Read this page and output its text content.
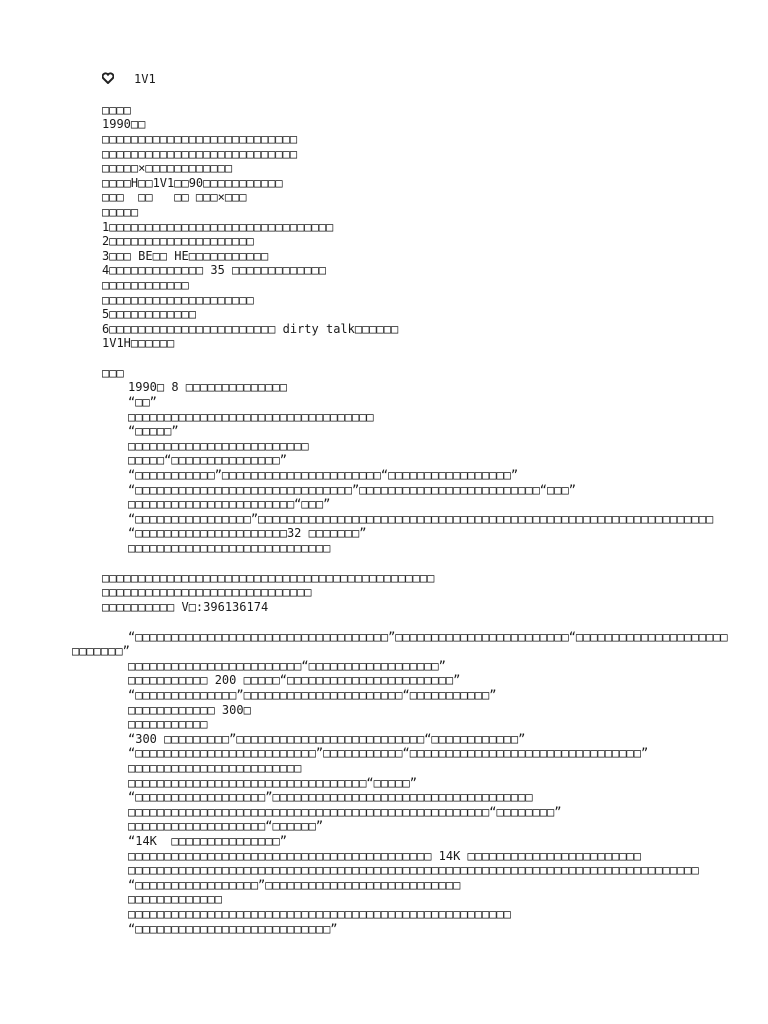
1V1
□□□□
1990□□
□□□□□□□□□□□□□□□□□□□□□□□□□□□
□□□□□□□□□□□□□□□□□□□□□□□□□□□
□□□□□×□□□□□□□□□□□□
□□□□H□□1V1□□90□□□□□□□□□□□
□□□  □□   □□ □□□×□□□
□□□□□
1□□□□□□□□□□□□□□□□□□□□□□□□□□□□□□□
2□□□□□□□□□□□□□□□□□□□□
3□□□ BE□□ HE□□□□□□□□□□□
4□□□□□□□□□□□□□ 35 □□□□□□□□□□□□□
□□□□□□□□□□□□
□□□□□□□□□□□□□□□□□□□□□
5□□□□□□□□□□□□
6□□□□□□□□□□□□□□□□□□□□□□□ dirty talk□□□□□□
1V1H□□□□□□
□□□
1990□ 8 □□□□□□□□□□□□□□
“□□”
□□□□□□□□□□□□□□□□□□□□□□□□□□□□□□□□□□
“□□□□□”
□□□□□□□□□□□□□□□□□□□□□□□□□
□□□□□“□□□□□□□□□□□□□□□”
“□□□□□□□□□□□”□□□□□□□□□□□□□□□□□□□□□□“□□□□□□□□□□□□□□□□□”
“□□□□□□□□□□□□□□□□□□□□□□□□□□□□□□”□□□□□□□□□□□□□□□□□□□□□□□□□“□□□”
□□□□□□□□□□□□□□□□□□□□□□□“□□□”
“□□□□□□□□□□□□□□□□”□□□□□□□□□□□□□□□□□□□□□□□□□□□□□□□□□□□□□□□□□□□□□□□□□□□□□□□□□□□□□□□
“□□□□□□□□□□□□□□□□□□□□□32 □□□□□□□”
□□□□□□□□□□□□□□□□□□□□□□□□□□□□
□□□□□□□□□□□□□□□□□□□□□□□□□□□□□□□□□□□□□□□□□□□□□□
□□□□□□□□□□□□□□□□□□□□□□□□□□□□□
□□□□□□□□□□ V□:396136174
“□□□□□□□□□□□□□□□□□□□□□□□□□□□□□□□□□□□”□□□□□□□□□□□□□□□□□□□□□□□□“□□□□□□□□□□□□□□□□□□□□□
□□□□□□□”
□□□□□□□□□□□□□□□□□□□□□□□□“□□□□□□□□□□□□□□□□□□”
□□□□□□□□□□□ 200 □□□□□“□□□□□□□□□□□□□□□□□□□□□□□”
“□□□□□□□□□□□□□□”□□□□□□□□□□□□□□□□□□□□□□“□□□□□□□□□□□”
□□□□□□□□□□□□ 300□
□□□□□□□□□□□
“300 □□□□□□□□□”□□□□□□□□□□□□□□□□□□□□□□□□□□“□□□□□□□□□□□□”
“□□□□□□□□□□□□□□□□□□□□□□□□□”□□□□□□□□□□□“□□□□□□□□□□□□□□□□□□□□□□□□□□□□□□□□”
□□□□□□□□□□□□□□□□□□□□□□□□
□□□□□□□□□□□□□□□□□□□□□□□□□□□□□□□□□“□□□□□”
“□□□□□□□□□□□□□□□□□□”□□□□□□□□□□□□□□□□□□□□□□□□□□□□□□□□□□□□
□□□□□□□□□□□□□□□□□□□□□□□□□□□□□□□□□□□□□□□□□□□□□□□□□□“□□□□□□□□”
□□□□□□□□□□□□□□□□□□□“□□□□□□”
“14K  □□□□□□□□□□□□□□□”
□□□□□□□□□□□□□□□□□□□□□□□□□□□□□□□□□□□□□□□□□□ 14K □□□□□□□□□□□□□□□□□□□□□□□□
□□□□□□□□□□□□□□□□□□□□□□□□□□□□□□□□□□□□□□□□□□□□□□□□□□□□□□□□□□□□□□□□□□□□□□□□□□□□□□□
“□□□□□□□□□□□□□□□□□”□□□□□□□□□□□□□□□□□□□□□□□□□□□
□□□□□□□□□□□□□
□□□□□□□□□□□□□□□□□□□□□□□□□□□□□□□□□□□□□□□□□□□□□□□□□□□□□
“□□□□□□□□□□□□□□□□□□□□□□□□□□□”
